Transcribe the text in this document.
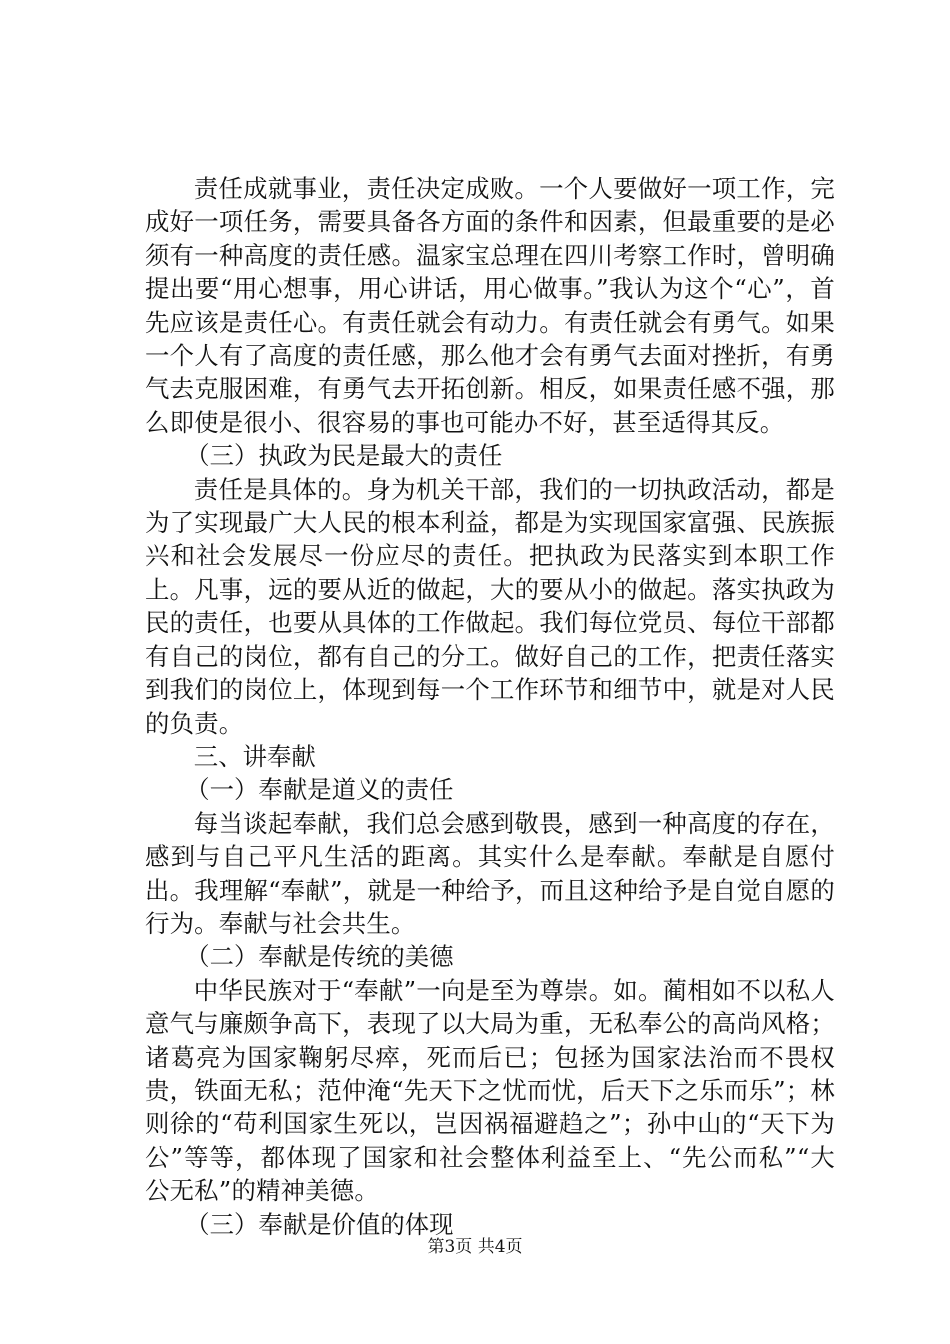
责任成就事业，责任决定成败。一个人要做好一项工作，完成好一项任务，需要具备各方面的条件和因素，但最重要的是必须有一种高度的责任感。温家宝总理在四川考察工作时，曾明确提出要“用心想事，用心讲话，用心做事。”我认为这个“心”，首先应该是责任心。有责任就会有动力。有责任就会有勇气。如果一个人有了高度的责任感，那么他才会有勇气去面对挫折，有勇气去克服困难，有勇气去开拓创新。相反，如果责任感不强，那么即使是很小、很容易的事也可能办不好，甚至适得其反。

（三）执政为民是最大的责任

责任是具体的。身为机关干部，我们的一切执政活动，都是为了实现最广大人民的根本利益，都是为实现国家富强、民族振兴和社会发展尽一份应尽的责任。把执政为民落实到本职工作上。凡事，远的要从近的做起，大的要从小的做起。落实执政为民的责任，也要从具体的工作做起。我们每位党员、每位干部都有自己的岗位，都有自己的分工。做好自己的工作，把责任落实到我们的岗位上，体现到每一个工作环节和细节中，就是对人民的负责。

三、讲奉献

（一）奉献是道义的责任

每当谈起奉献，我们总会感到敬畏，感到一种高度的存在，感到与自己平凡生活的距离。其实什么是奉献。奉献是自愿付出。我理解“奉献”，就是一种给予，而且这种给予是自觉自愿的行为。奉献与社会共生。

（二）奉献是传统的美德

中华民族对于“奉献”一向是至为尊崇。如。蔺相如不以私人意气与廉颇争高下，表现了以大局为重，无私奉公的高尚风格；诸葛亮为国家鞠躬尽瘁，死而后已；包拯为国家法治而不畏权贵，铁面无私；范仲淹“先天下之忧而忧，后天下之乐而乐”；林则徐的“苟利国家生死以，岂因祸福避趋之”；孙中山的“天下为公”等等，都体现了国家和社会整体利益至上、“先公而私”“大公无私”的精神美德。

（三）奉献是价值的体现

第3页 共4页
